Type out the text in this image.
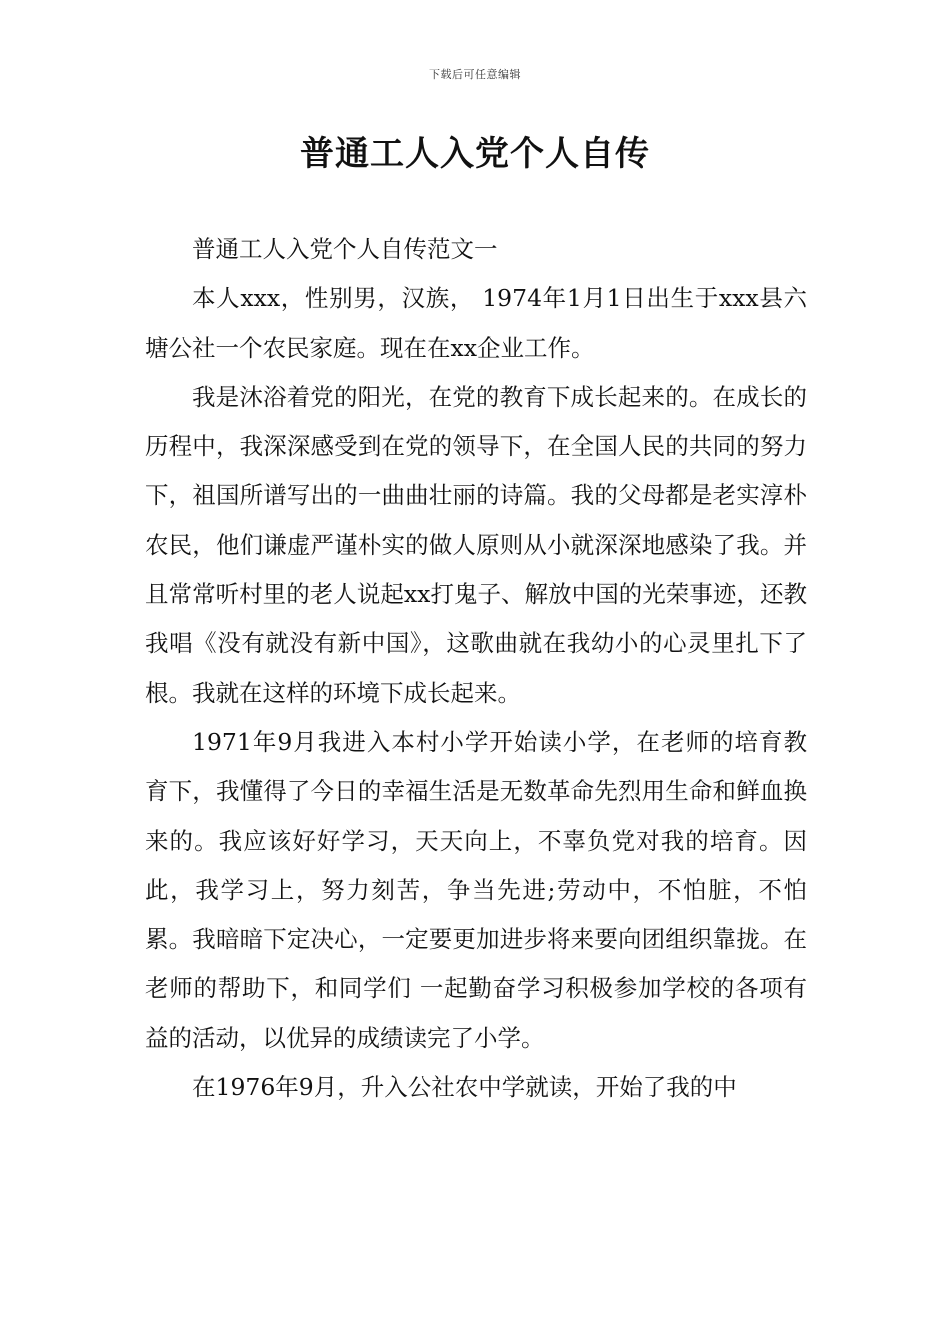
下载后可任意编辑
普通工人入党个人自传

普通工人入党个人自传范文一

本人xxx，性别男，汉族， 1974年1月1日出生于xxx县六塘公社一个农民家庭。现在在xx企业工作。

我是沐浴着党的阳光，在党的教育下成长起来的。在成长的历程中，我深深感受到在党的领导下，在全国人民的共同的努力下，祖国所谱写出的一曲曲壮丽的诗篇。我的父母都是老实淳朴农民，他们谦虚严谨朴实的做人原则从小就深深地感染了我。并且常常听村里的老人说起xx打鬼子、解放中国的光荣事迹，还教我唱《没有就没有新中国》，这歌曲就在我幼小的心灵里扎下了根。我就在这样的环境下成长起来。

1971年9月我进入本村小学开始读小学，在老师的培育教育下，我懂得了今日的幸福生活是无数革命先烈用生命和鲜血换来的。我应该好好学习，天天向上，不辜负党对我的培育。因此，我学习上，努力刻苦，争当先进;劳动中，不怕脏，不怕累。我暗暗下定决心，一定要更加进步将来要向团组织靠拢。在老师的帮助下，和同学们 一起勤奋学习积极参加学校的各项有益的活动，以优异的成绩读完了小学。

在1976年9月，升入公社农中学就读，开始了我的中
